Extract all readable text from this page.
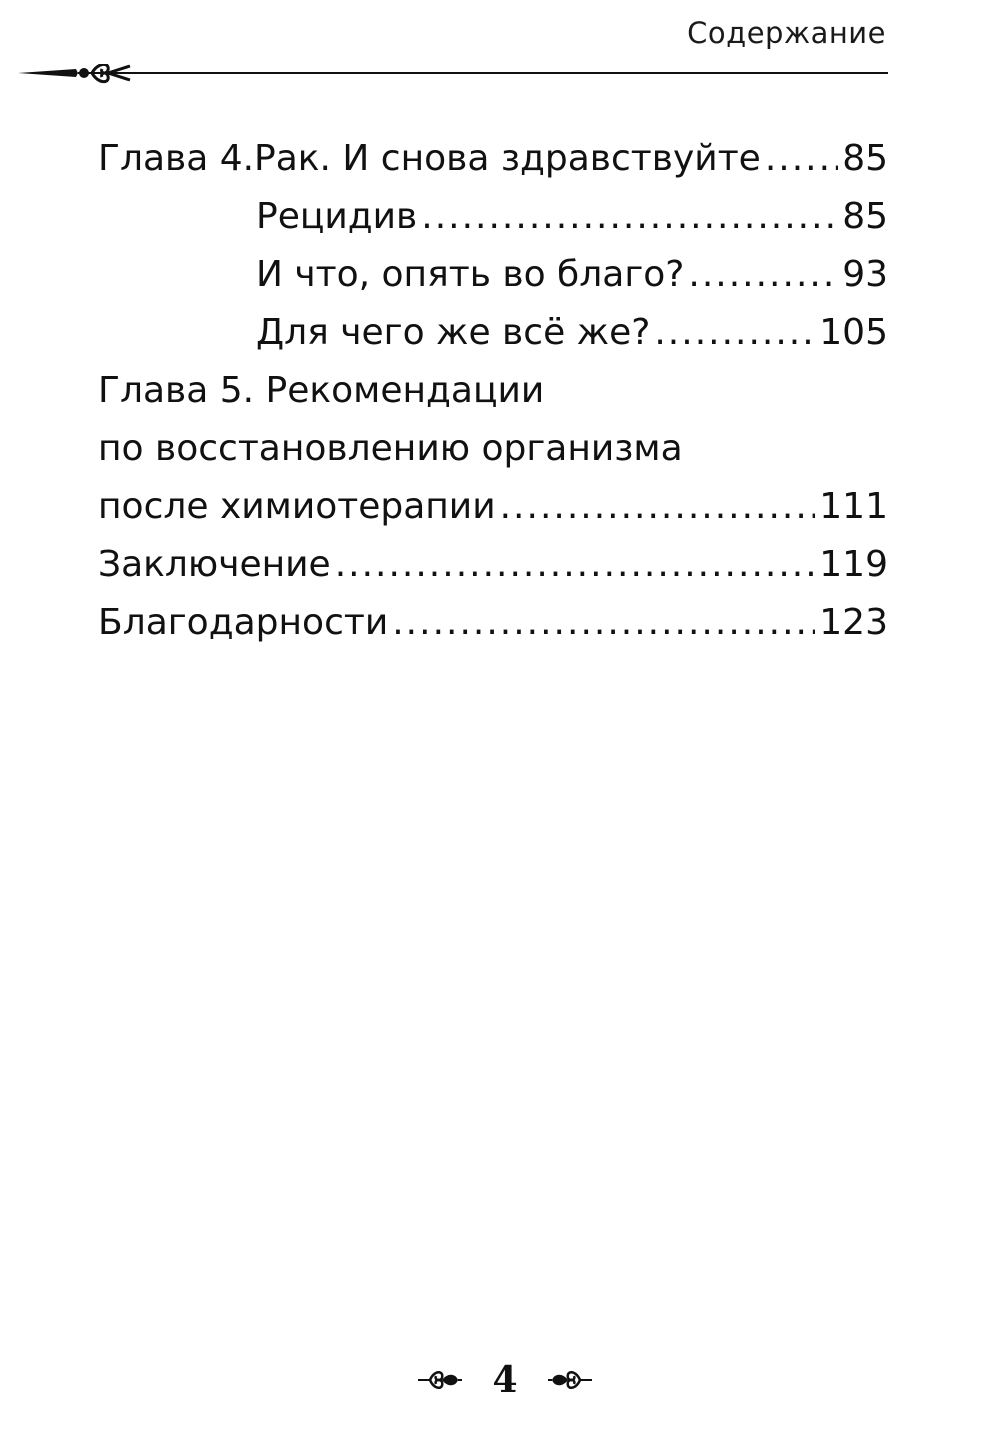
Содержание
Глава 4. Рак. И снова здравствуйте ..... 85
Рецидив .....	85
И что, опять во благо? .....	93
Для чего же всё же? .....	105
Глава 5. Рекомендации
по восстановлению организма
после химиотерапии .....	111
Заключение .....	119
Благодарности .....	123
4
